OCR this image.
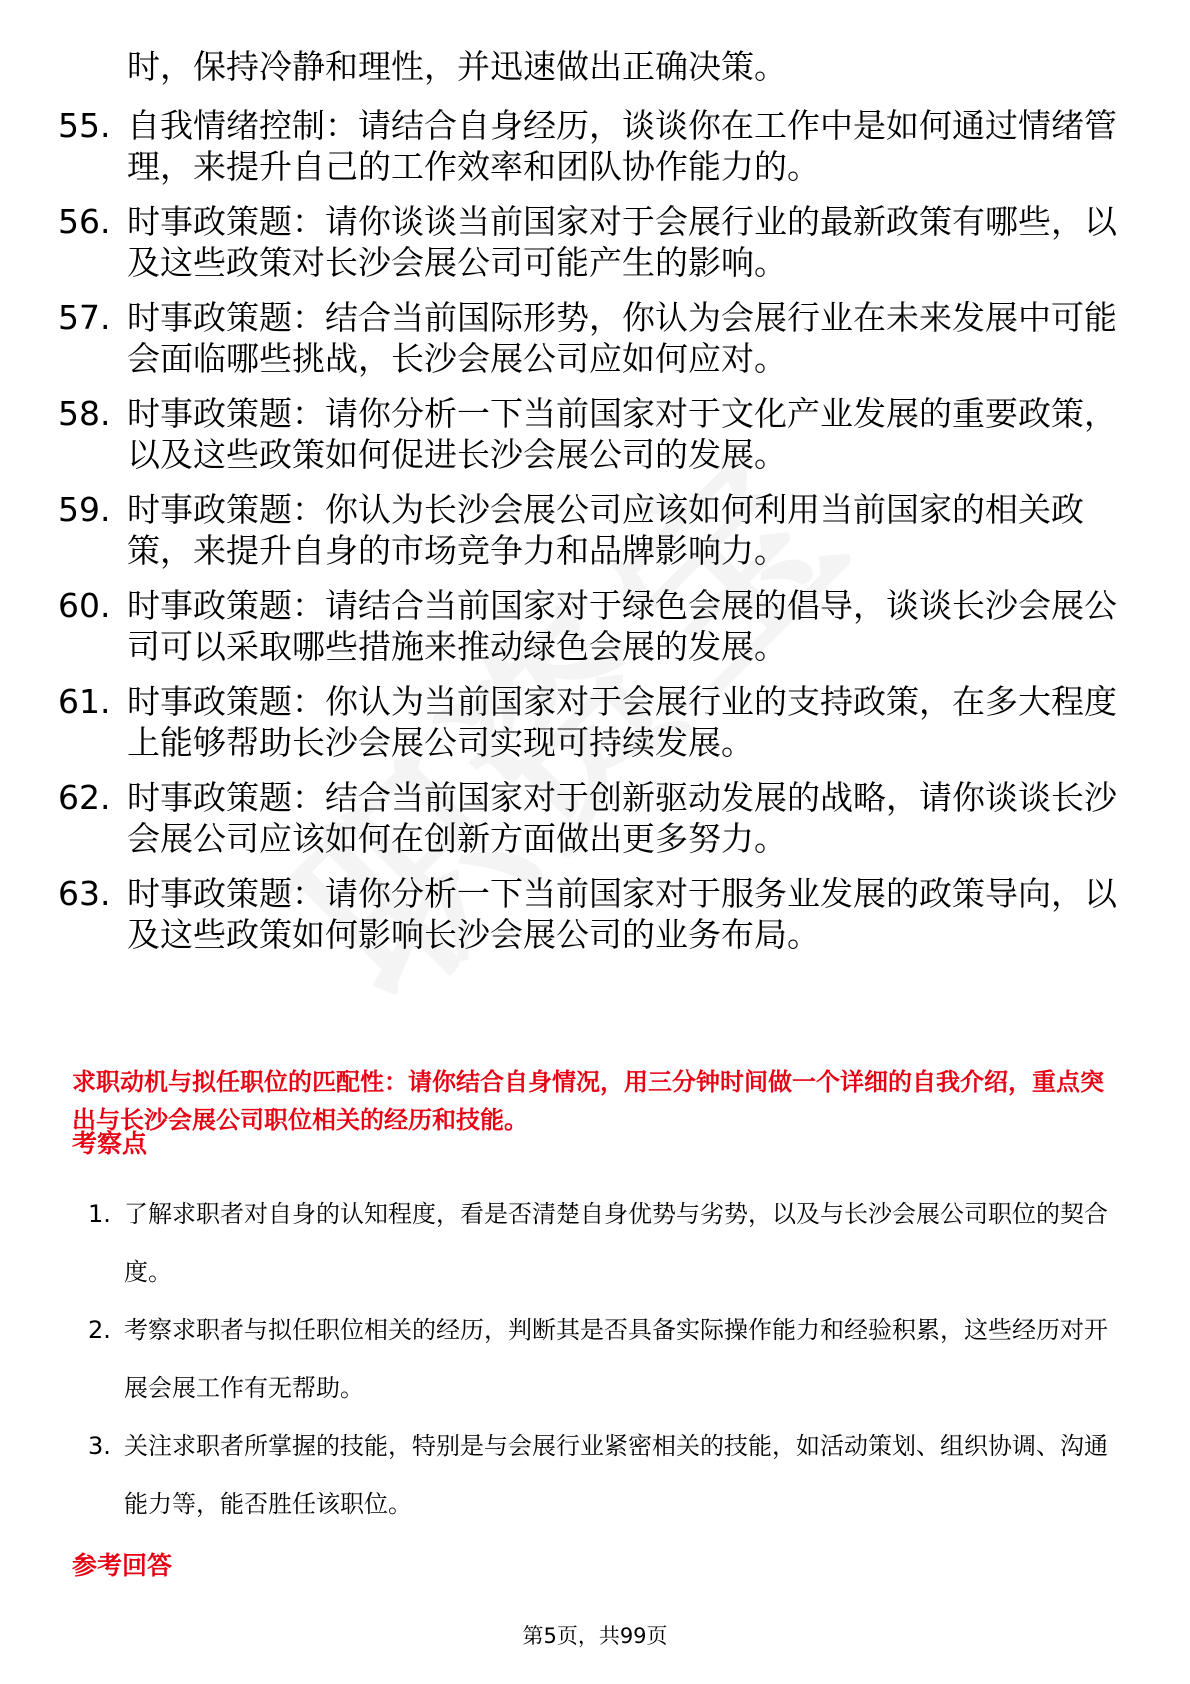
时，保持冷静和理性，并迅速做出正确决策。
55. 自我情绪控制：请结合自身经历，谈谈你在工作中是如何通过情绪管理，来提升自己的工作效率和团队协作能力的。
56. 时事政策题：请你谈谈当前国家对于会展行业的最新政策有哪些，以及这些政策对长沙会展公司可能产生的影响。
57. 时事政策题：结合当前国际形势，你认为会展行业在未来发展中可能会面临哪些挑战，长沙会展公司应如何应对。
58. 时事政策题：请你分析一下当前国家对于文化产业发展的重要政策，以及这些政策如何促进长沙会展公司的发展。
59. 时事政策题：你认为长沙会展公司应该如何利用当前国家的相关政策，来提升自身的市场竞争力和品牌影响力。
60. 时事政策题：请结合当前国家对于绿色会展的倡导，谈谈长沙会展公司可以采取哪些措施来推动绿色会展的发展。
61. 时事政策题：你认为当前国家对于会展行业的支持政策，在多大程度上能够帮助长沙会展公司实现可持续发展。
62. 时事政策题：结合当前国家对于创新驱动发展的战略，请你谈谈长沙会展公司应该如何在创新方面做出更多努力。
63. 时事政策题：请你分析一下当前国家对于服务业发展的政策导向，以及这些政策如何影响长沙会展公司的业务布局。
求职动机与拟任职位的匹配性：请你结合自身情况，用三分钟时间做一个详细的自我介绍，重点突出与长沙会展公司职位相关的经历和技能。
考察点
1. 了解求职者对自身的认知程度，看是否清楚自身优势与劣势，以及与长沙会展公司职位的契合度。
2. 考察求职者与拟任职位相关的经历，判断其是否具备实际操作能力和经验积累，这些经历对开展会展工作有无帮助。
3. 关注求职者所掌握的技能，特别是与会展行业紧密相关的技能，如活动策划、组织协调、沟通能力等，能否胜任该职位。
参考回答
第5页，共99页
